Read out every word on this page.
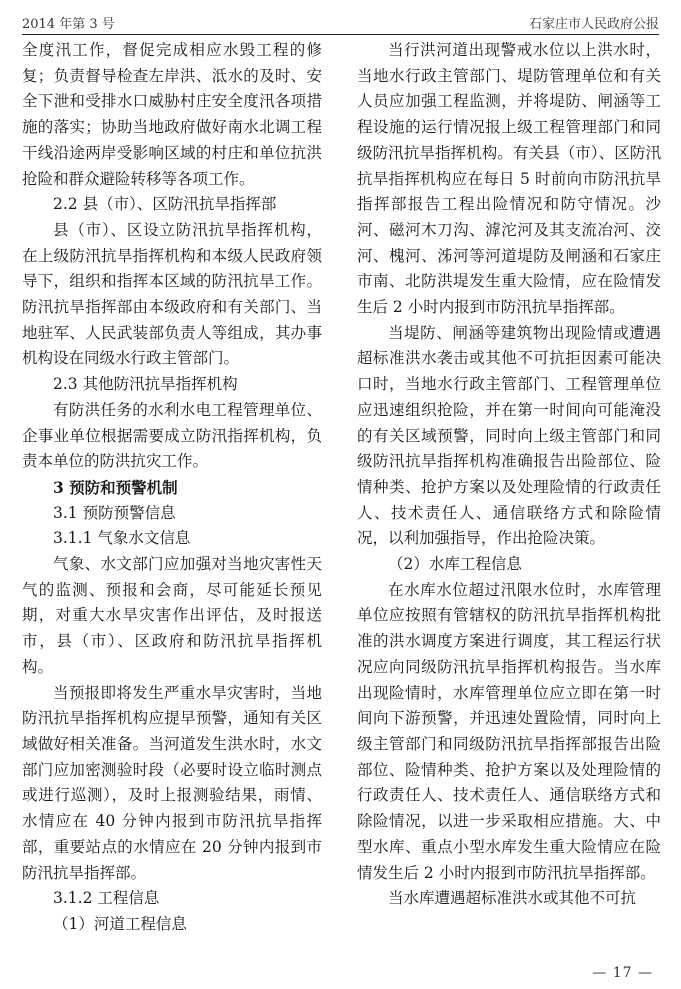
2014 年第 3 号	石家庄市人民政府公报

全度汛工作，督促完成相应水毁工程的修复；负责督导检查左岸洪、泜水的及时、安全下泄和受排水口威胁村庄安全度汛各项措施的落实；协助当地政府做好南水北调工程干线沿途两岸受影响区域的村庄和单位抗洪抢险和群众避险转移等各项工作。

2.2 县（市）、区防汛抗旱指挥部

县（市）、区设立防汛抗旱指挥机构，在上级防汛抗旱指挥机构和本级人民政府领导下，组织和指挥本区域的防汛抗旱工作。防汛抗旱指挥部由本级政府和有关部门、当地驻军、人民武装部负责人等组成，其办事机构设在同级水行政主管部门。

2.3 其他防汛抗旱指挥机构

有防洪任务的水利水电工程管理单位、企事业单位根据需要成立防汛指挥机构，负责本单位的防洪抗灾工作。

3 预防和预警机制

3.1 预防预警信息

3.1.1 气象水文信息

气象、水文部门应加强对当地灾害性天气的监测、预报和会商，尽可能延长预见期，对重大水旱灾害作出评估，及时报送市，县（市）、区政府和防汛抗旱指挥机构。

当预报即将发生严重水旱灾害时，当地防汛抗旱指挥机构应提早预警，通知有关区域做好相关准备。当河道发生洪水时，水文部门应加密测验时段（必要时设立临时测点或进行巡测），及时上报测验结果，雨情、水情应在 40 分钟内报到市防汛抗旱指挥部，重要站点的水情应在 20 分钟内报到市防汛抗旱指挥部。

3.1.2 工程信息

（1）河道工程信息

当行洪河道出现警戒水位以上洪水时，当地水行政主管部门、堤防管理单位和有关人员应加强工程监测，并将堤防、闸涵等工程设施的运行情况报上级工程管理部门和同级防汛抗旱指挥机构。有关县（市）、区防汛抗旱指挥机构应在每日 5 时前向市防汛抗旱指挥部报告工程出险情况和防守情况。沙河、磁河木刀沟、滹沱河及其支流冶河、洨河、槐河、泲河等河道堤防及闸涵和石家庄市南、北防洪堤发生重大险情，应在险情发生后 2 小时内报到市防汛抗旱指挥部。

当堤防、闸涵等建筑物出现险情或遭遇超标准洪水袭击或其他不可抗拒因素可能决口时，当地水行政主管部门、工程管理单位应迅速组织抢险，并在第一时间向可能淹没的有关区域预警，同时向上级主管部门和同级防汛抗旱指挥机构准确报告出险部位、险情种类、抢护方案以及处理险情的行政责任人、技术责任人、通信联络方式和除险情况，以利加强指导，作出抢险决策。

（2）水库工程信息

在水库水位超过汛限水位时，水库管理单位应按照有管辖权的防汛抗旱指挥机构批准的洪水调度方案进行调度，其工程运行状况应向同级防汛抗旱指挥机构报告。当水库出现险情时，水库管理单位应立即在第一时间向下游预警，并迅速处置险情，同时向上级主管部门和同级防汛抗旱指挥部报告出险部位、险情种类、抢护方案以及处理险情的行政责任人、技术责任人、通信联络方式和除险情况，以进一步采取相应措施。大、中型水库、重点小型水库发生重大险情应在险情发生后 2 小时内报到市防汛抗旱指挥部。

当水库遭遇超标准洪水或其他不可抗

— 17 —
